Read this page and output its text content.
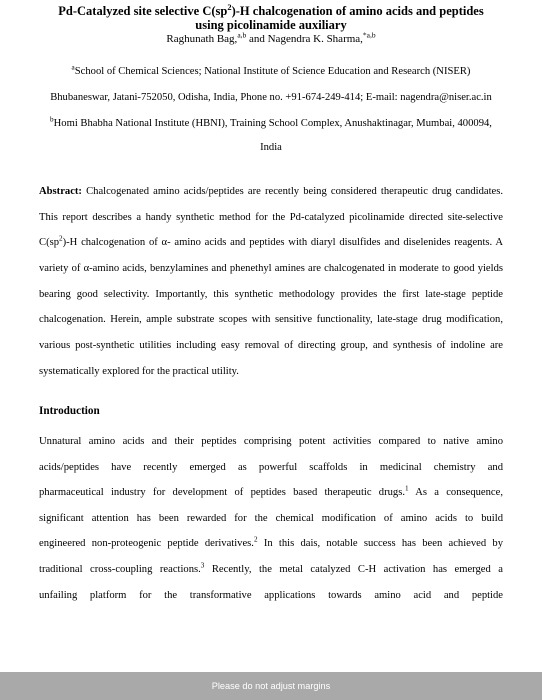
Pd-Catalyzed site selective $C(sp^2)-H$ chalcogenation of amino acids and peptides
using picolinamide auxiliary
Raghunath Bag,$^{a,b}$ and Nagendra K. Sharma,$^{*a,b}$
$^a$School of Chemical Sciences; National Institute of Science Education and Research (NISER)
Bhubaneswar, Jatani-752050, Odisha, India, Phone no. +91-674-249-414; E-mail: nagendra@niser.ac.in
$^b$Homi Bhabha National Institute (HBNI), Training School Complex, Anushaktinagar, Mumbai, 400094,
India
Abstract: Chalcogenated amino acids/peptides are recently being considered therapeutic drug candidates.
This report describes a handy synthetic method for the Pd-catalyzed picolinamide directed site-selective
$C(sp^2)-H$ chalcogenation of α- amino acids and peptides with diaryl disulfides and diselenides reagents. A
variety of α-amino acids, benzylamines and phenethyl amines are chalcogenated in moderate to good yields
bearing good selectivity. Importantly, this synthetic methodology provides the first late-stage peptide
chalcogenation. Herein, ample substrate scopes with sensitive functionality, late-stage drug modification,
various post-synthetic utilities including easy removal of directing group, and synthesis of indoline are
systematically explored for the practical utility.
Introduction
Unnatural amino acids and their peptides comprising potent activities compared to native amino
acids/peptides have recently emerged as powerful scaffolds in medicinal chemistry and
pharmaceutical industry for development of peptides based therapeutic drugs.$^1$ As a consequence,
significant attention has been rewarded for the chemical modification of amino acids to build
engineered non-proteogenic peptide derivatives.$^2$ In this dais, notable success has been achieved by
traditional cross-coupling reactions.$^3$ Recently, the metal catalyzed C-H activation has emerged a
unfailing platform for the transformative applications towards amino acid and peptide
Please do not adjust margins
